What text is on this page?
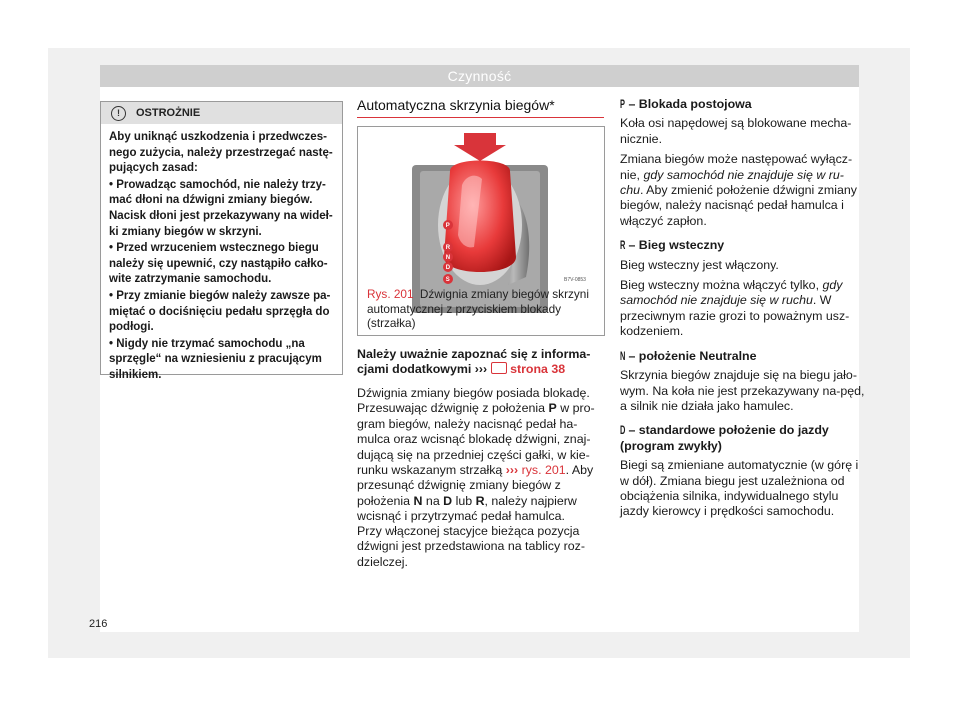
Czynność
!	OSTROŻNIE

Aby uniknąć uszkodzenia i przedwczes-nego zużycia, należy przestrzegać nastę-pujących zasad:

• Prowadząc samochód, nie należy trzy-mać dłoni na dźwigni zmiany biegów. Nacisk dłoni jest przekazywany na wideł-ki zmiany biegów w skrzyni.

• Przed wrzuceniem wstecznego biegu należy się upewnić, czy nastąpiło całko-wite zatrzymanie samochodu.

• Przy zmianie biegów należy zawsze pa-miętać o dociśnięciu pedału sprzęgła do podłogi.

• Nigdy nie trzymać samochodu „na sprzęgle“ na wzniesieniu z pracującym silnikiem.

Automatyczna skrzynia biegów*
P
R
N
D
S	B7V-0853
Rys. 201 Dźwignia zmiany biegów skrzyni automatycznej z przyciskiem blokady (strzałka)
Należy uważnie zapoznać się z informa-cjami dodatkowymi ››› strona 38
Dźwignia zmiany biegów posiada blokadę. Przesuwając dźwignię z położenia P w pro-gram biegów, należy nacisnąć pedał ha-mulca oraz wcisnąć blokadę dźwigni, znaj-dującą się na przedniej części gałki, w kie-runku wskazanym strzałką ››› rys. 201. Aby przesunąć dźwignię zmiany biegów z położenia N na D lub R, należy najpierw wcisnąć i przytrzymać pedał hamulca.
Przy włączonej stacyjce bieżąca pozycja dźwigni jest przedstawiona na tablicy roz-dzielczej.
P – Blokada postojowa
Koła osi napędowej są blokowane mecha-nicznie.
Zmiana biegów może następować wyłącz-nie, gdy samochód nie znajduje się w ru-chu. Aby zmienić położenie dźwigni zmiany biegów, należy nacisnąć pedał hamulca i włączyć zapłon.
R – Bieg wsteczny
Bieg wsteczny jest włączony.
Bieg wsteczny można włączyć tylko, gdy samochód nie znajduje się w ruchu. W przeciwnym razie grozi to poważnym usz-kodzeniem.
N – położenie Neutralne
Skrzynia biegów znajduje się na biegu jało-wym. Na koła nie jest przekazywany na-pęd, a silnik nie działa jako hamulec.
D – standardowe położenie do jazdy (program zwykły)
Biegi są zmieniane automatycznie (w górę i w dół). Zmiana biegu jest uzależniona od obciążenia silnika, indywidualnego stylu jazdy kierowcy i prędkości samochodu.
216
